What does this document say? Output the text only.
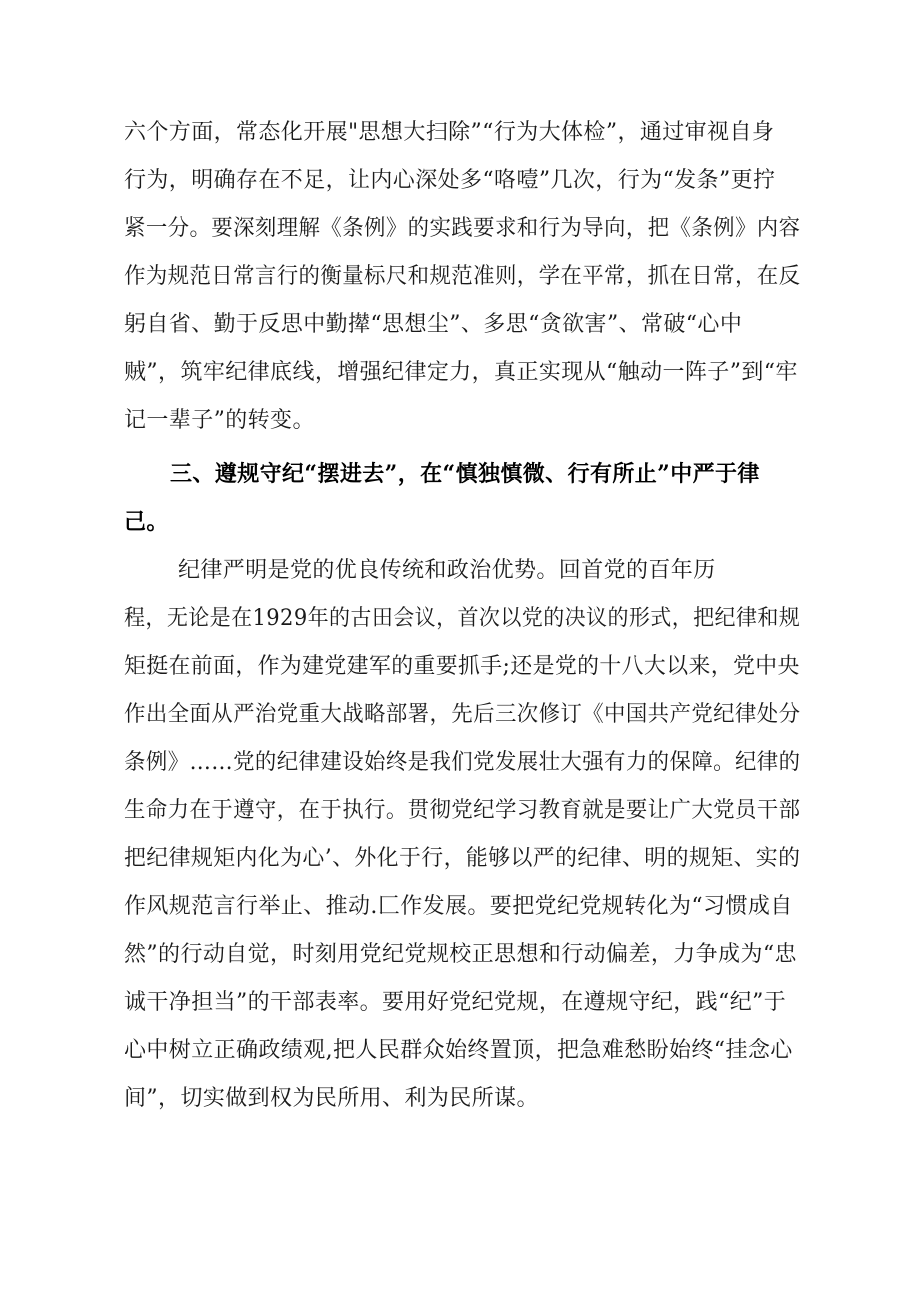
六个方面，常态化开展"思想大扫除”“行为大体检”，通过审视自身
行为，明确存在不足，让内心深处多“咯噎”几次，行为“发条”更拧
紧一分。要深刻理解《条例》的实践要求和行为导向，把《条例》内容
作为规范日常言行的衡量标尺和规范准则，学在平常，抓在日常，在反
躬自省、勤于反思中勤撵“思想尘”、多思“贪欲害”、常破“心中
贼”，筑牢纪律底线，增强纪律定力，真正实现从“触动一阵子”到“牢
记一辈子”的转变。
三、遵规守纪“摆进去”，在“慎独慎微、行有所止”中严于律
己。
纪律严明是党的优良传统和政治优势。回首党的百年历
程，无论是在1929年的古田会议，首次以党的决议的形式，把纪律和规
矩挺在前面，作为建党建军的重要抓手;还是党的十八大以来，党中央
作出全面从严治党重大战略部署，先后三次修订《中国共产党纪律处分
条例》……党的纪律建设始终是我们党发展壮大强有力的保障。纪律的
生命力在于遵守，在于执行。贯彻党纪学习教育就是要让广大党员干部
把纪律规矩内化为心’、外化于行，能够以严的纪律、明的规矩、实的
作风规范言行举止、推动.匚作发展。要把党纪党规转化为“习惯成自
然”的行动自觉，时刻用党纪党规校正思想和行动偏差，力争成为“忠
诚干净担当”的干部表率。要用好党纪党规，在遵规守纪，践“纪”于
心中树立正确政绩观,把人民群众始终置顶，把急难愁盼始终“挂念心
间”，切实做到权为民所用、利为民所谋。
